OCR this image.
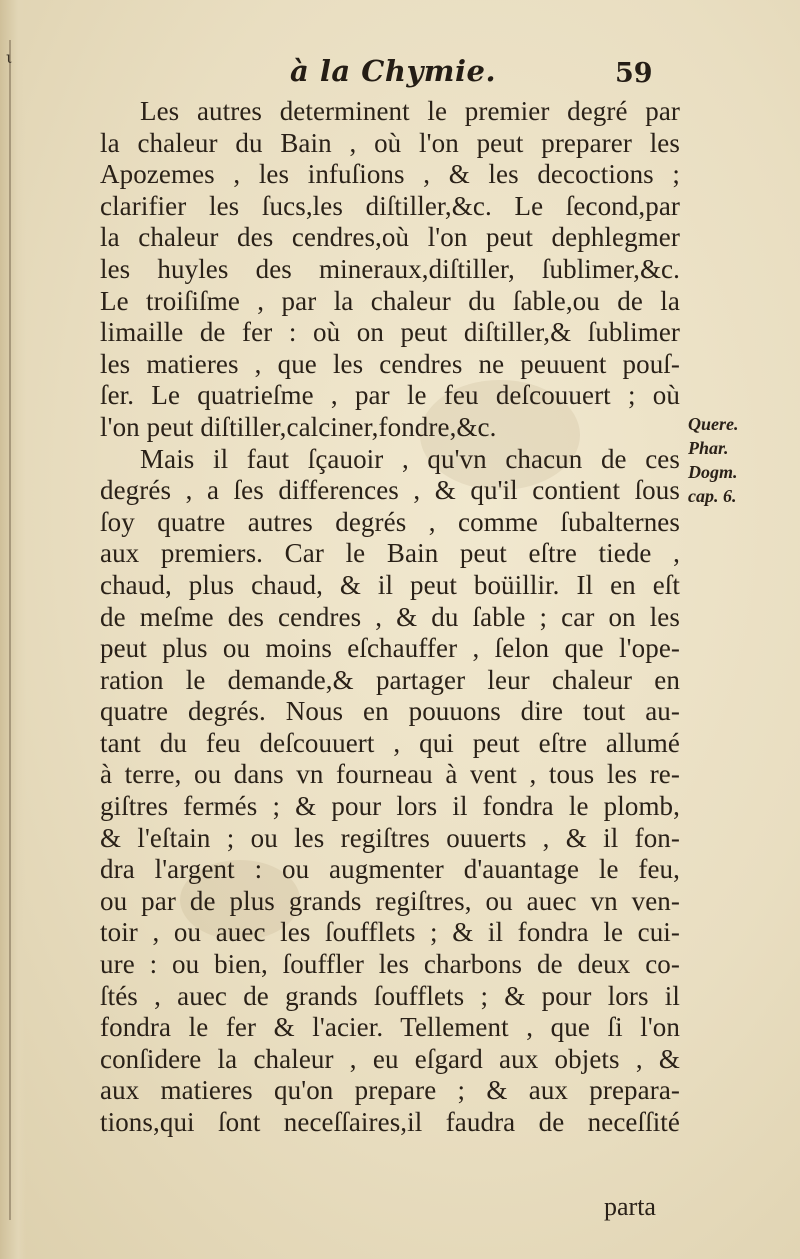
ι	à la Chymie.	59
Les autres determinent le premier degré par
la chaleur du Bain , où l'on peut preparer les
Apozemes , les infuſions , & les decoctions ;
clarifier les ſucs,les diſtiller,&c. Le ſecond,par
la chaleur des cendres,où l'on peut dephlegmer
les huyles des mineraux,diſtiller, ſublimer,&c.
Le troiſiſme , par la chaleur du ſable,ou de la
limaille de fer : où on peut diſtiller,& ſublimer
les matieres , que les cendres ne peuuent pouſ-
ſer. Le quatrieſme , par le feu deſcouuert ; où
l'on peut diſtiller,calciner,fondre,&c.
Mais il faut ſçauoir , qu'vn chacun de ces
degrés , a ſes differences , & qu'il contient ſous
ſoy quatre autres degrés , comme ſubalternes
aux premiers. Car le Bain peut eſtre tiede ,
chaud, plus chaud, & il peut boüillir. Il en eſt
de meſme des cendres , & du ſable ; car on les
peut plus ou moins eſchauffer , ſelon que l'ope-
ration le demande,& partager leur chaleur en
quatre degrés. Nous en pouuons dire tout au-
tant du feu deſcouuert , qui peut eſtre allumé
à terre, ou dans vn fourneau à vent , tous les re-
giſtres fermés ; & pour lors il fondra le plomb,
& l'eſtain ; ou les regiſtres ouuerts , & il fon-
dra l'argent : ou augmenter d'auantage le feu,
ou par de plus grands regiſtres, ou auec vn ven-
toir , ou auec les ſoufflets ; & il fondra le cui-
ure : ou bien, ſouffler les charbons de deux co-
ſtés , auec de grands ſoufflets ; & pour lors il
fondra le fer & l'acier. Tellement , que ſi l'on
conſidere la chaleur , eu eſgard aux objets , &
aux matieres qu'on prepare ; & aux prepara-
tions,qui ſont neceſſaires,il faudra de neceſſité
Quere.
Phar.
Dogm.
cap. 6.
parta
